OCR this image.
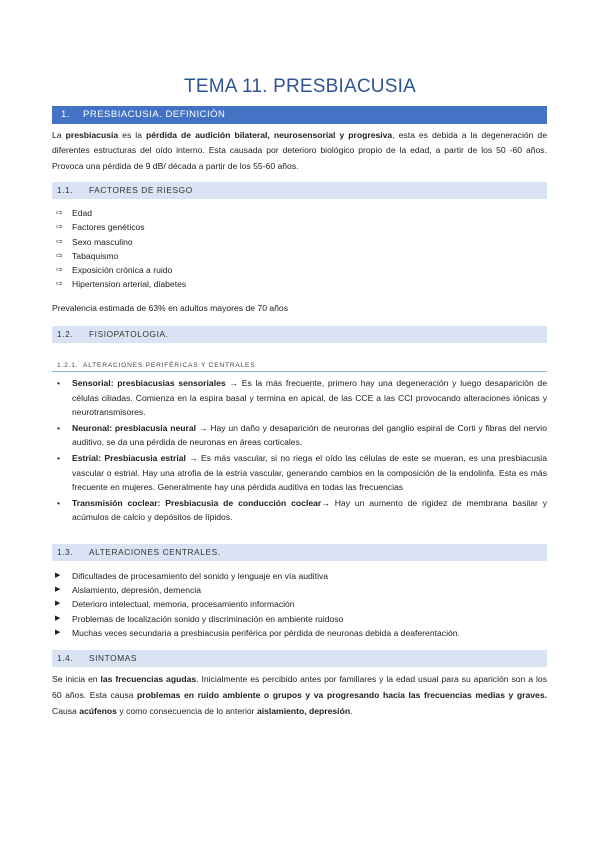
TEMA 11. PRESBIACUSIA
1. PRESBIACUSIA. DEFINICIÓN

La presbiacusia es la pérdida de audición bilateral, neurosensorial y progresiva, esta es debida a la degeneración de diferentes estructuras del oído interno. Esta causada por deterioro biológico propio de la edad, a partir de los 50 -60 años. Provoca una pérdida de 9 dB/ década a partir de los 55-60 años.

1.1. FACTORES DE RIESGO
⇨ Edad
⇨ Factores genéticos
⇨ Sexo masculino
⇨ Tabaquismo
⇨ Exposición crónica a ruido
⇨ Hipertension arterial, diabetes

Prevalencia estimada de 63% en adultos mayores de 70 años

1.2. FISIOPATOLOGIA.
1.2.1. ALTERACIONES PERIFÉRICAS Y CENTRALES
• Sensorial: presbiacusias sensoriales → Es la más frecuente, primero hay una degeneración y luego desaparición de células ciliadas. Comienza en la espira basal y termina en apical, de las CCE a las CCI provocando alteraciones iónicas y neurotransmisores.
• Neuronal: presbiacusia neural → Hay un daño y desaparición de neuronas del ganglio espiral de Corti y fibras del nervio auditivo, se da una pérdida de neuronas en áreas corticales.
• Estrial: Presbiacusia estrial → Es más vascular, si no riega el oído las células de este se mueran, es una presbiacusia vascular o estrial. Hay una atrofia de la estría vascular, generando cambios en la composición de la endolinfa. Esta es más frecuente en mujeres. Generalmente hay una pérdida auditiva en todas las frecuencias
• Transmisión coclear: Presbiacusia de conducción coclear→ Hay un aumento de rigidez de membrana basilar y acúmulos de calcio y depósitos de lípidos.
1.3. ALTERACIONES CENTRALES.
▶ Dificultades de procesamiento del sonido y lenguaje en vía auditiva
▶ Aislamiento, depresión, demencia
▶ Deterioro intelectual, memoria, procesamiento información
▶ Problemas de localización sonido y discriminación en ambiente ruidoso
▶ Muchas veces secundaria a presbiacusia periférica por pérdida de neuronas debida a deaferentación.
1.4. SINTOMAS

Se inicia en las frecuencias agudas. Inicialmente es percibido antes por familiares y la edad usual para su aparición son a los 60 años. Esta causa problemas en ruido ambiente o grupos y va progresando hacia las frecuencias medias y graves. Causa acúfenos y como consecuencia de lo anterior aislamiento, depresión.
